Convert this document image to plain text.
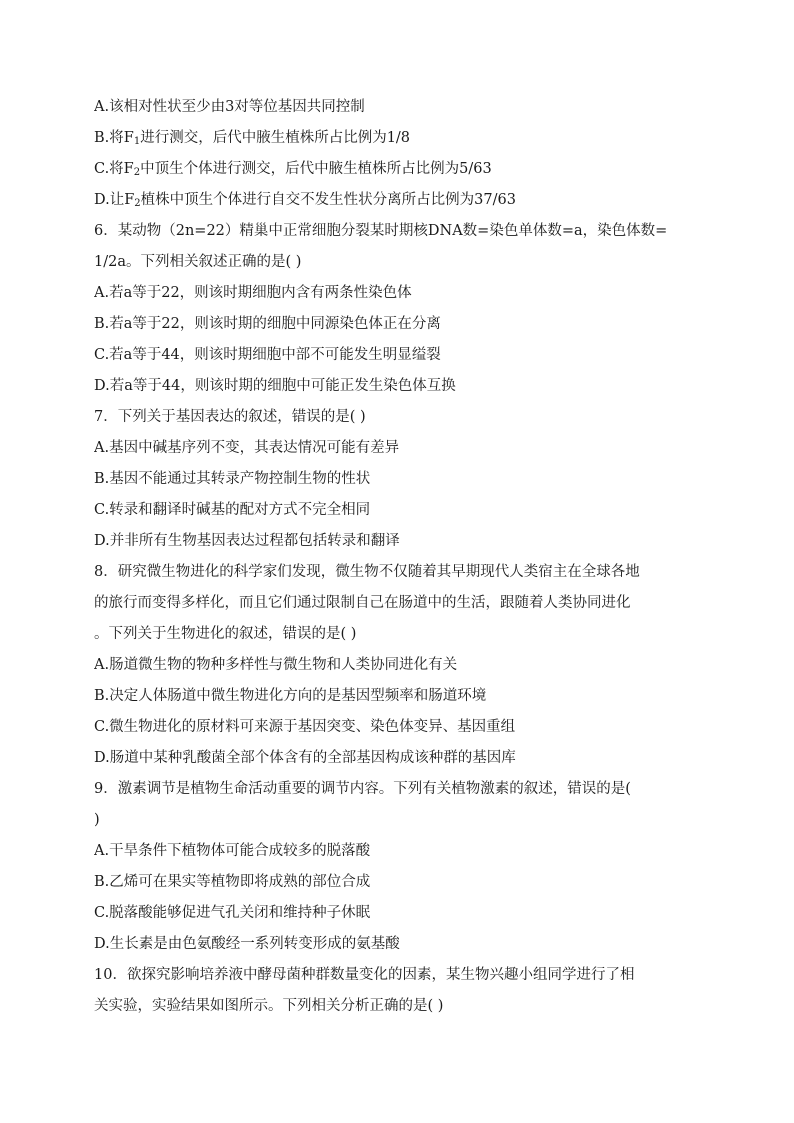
A.该相对性状至少由3对等位基因共同控制
B.将$F_1$进行测交，后代中腋生植株所占比例为1/8
C.将$F_2$中顶生个体进行测交，后代中腋生植株所占比例为5/63
D.让$F_2$植株中顶生个体进行自交不发生性状分离所占比例为37/63
6．某动物（2n=22）精巢中正常细胞分裂某时期核DNA数=染色单体数=a，染色体数=
1/2a。下列相关叙述正确的是( )
A.若a等于22，则该时期细胞内含有两条性染色体
B.若a等于22，则该时期的细胞中同源染色体正在分离
C.若a等于44，则该时期细胞中部不可能发生明显缢裂
D.若a等于44，则该时期的细胞中可能正发生染色体互换
7．下列关于基因表达的叙述，错误的是( )
A.基因中碱基序列不变，其表达情况可能有差异
B.基因不能通过其转录产物控制生物的性状
C.转录和翻译时碱基的配对方式不完全相同
D.并非所有生物基因表达过程都包括转录和翻译
8．研究微生物进化的科学家们发现，微生物不仅随着其早期现代人类宿主在全球各地
的旅行而变得多样化，而且它们通过限制自己在肠道中的生活，跟随着人类协同进化
。下列关于生物进化的叙述，错误的是( )
A.肠道微生物的物种多样性与微生物和人类协同进化有关
B.决定人体肠道中微生物进化方向的是基因型频率和肠道环境
C.微生物进化的原材料可来源于基因突变、染色体变异、基因重组
D.肠道中某种乳酸菌全部个体含有的全部基因构成该种群的基因库
9．激素调节是植物生命活动重要的调节内容。下列有关植物激素的叙述，错误的是(
)
A.干旱条件下植物体可能合成较多的脱落酸
B.乙烯可在果实等植物即将成熟的部位合成
C.脱落酸能够促进气孔关闭和维持种子休眠
D.生长素是由色氨酸经一系列转变形成的氨基酸
10．欲探究影响培养液中酵母菌种群数量变化的因素，某生物兴趣小组同学进行了相
关实验，实验结果如图所示。下列相关分析正确的是( )
